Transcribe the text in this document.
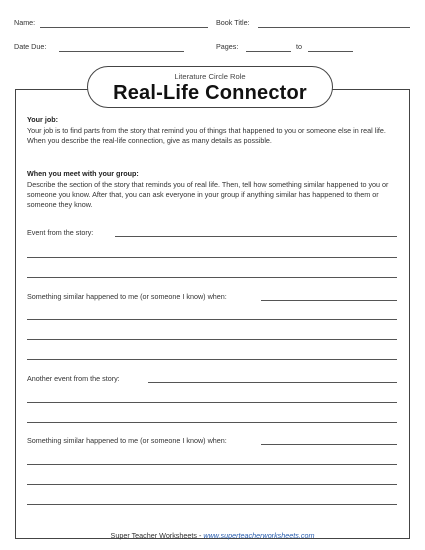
Name:	Book Title:
Date Due:	Pages:	to
Literature Circle Role
Real-Life Connector
Your job:
Your job is to find parts from the story that remind you of things that happened to you or someone else in real life. When you describe the real-life connection, give as many details as possible.
When you meet with your group:
Describe the section of the story that reminds you of real life. Then, tell how something similar happened to you or someone you know. After that, you can ask everyone in your group if anything similar has happened to them or someone they know.
Event from the story:
Something similar happened to me (or someone I know) when:
Another event from the story:
Something similar happened to me (or someone I know) when:
Super Teacher Worksheets - www.superteacherworksheets.com
